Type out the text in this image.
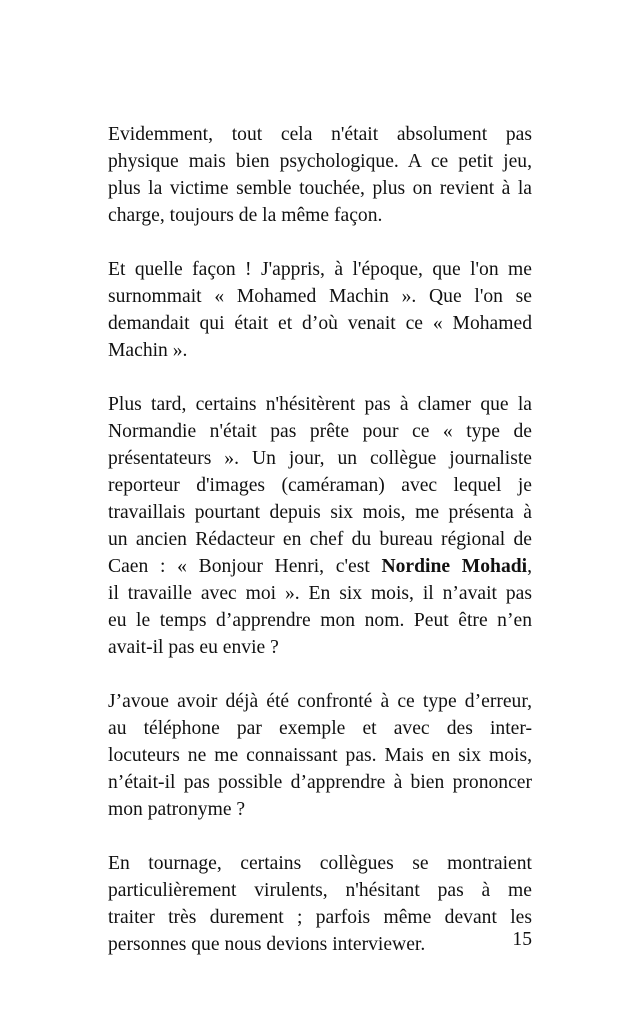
Evidemment, tout cela n'était absolument pas
physique mais bien psychologique. A ce petit jeu,
plus la victime semble touchée, plus on revient à la
charge, toujours de la même façon.

Et quelle façon ! J'appris, à l'époque, que l'on me
surnommait « Mohamed Machin ». Que l'on se
demandait qui était et d’où venait ce « Mohamed
Machin ».

Plus tard, certains n'hésitèrent pas à clamer que la
Normandie n'était pas prête pour ce « type de
présentateurs ». Un jour, un collègue journaliste
reporteur d'images (caméraman) avec lequel je
travaillais pourtant depuis six mois, me présenta à
un ancien Rédacteur en chef du bureau régional de
Caen : « Bonjour Henri, c'est Nordine Mohadi,
il travaille avec moi ». En six mois, il n’avait pas
eu le temps d’apprendre mon nom. Peut être n’en
avait-il pas eu envie ?

J’avoue avoir déjà été confronté à ce type d’erreur,
au téléphone par exemple et avec des inter-
locuteurs ne me connaissant pas. Mais en six mois,
n’était-il pas possible d’apprendre à bien prononcer
mon patronyme ?

En tournage, certains collègues se montraient
particulièrement virulents, n'hésitant pas à me
traiter très durement ; parfois même devant les
personnes que nous devions interviewer.	15
